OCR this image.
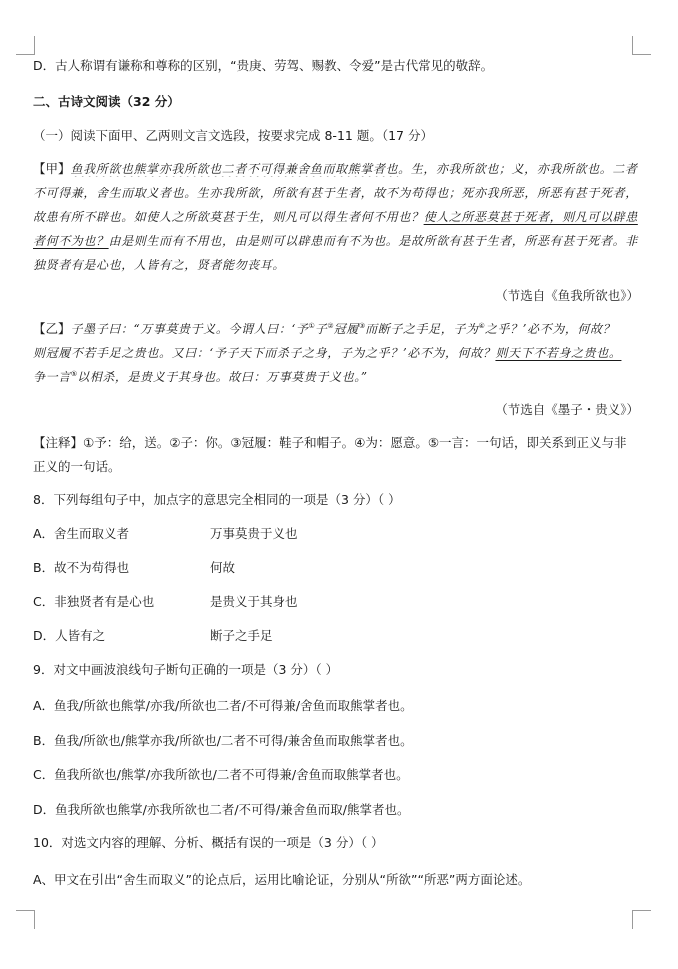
D．古人称谓有谦称和尊称的区别，“贵庚、劳驾、赐教、令爱”是古代常见的敬辞。
二、古诗文阅读（32 分）
（一）阅读下面甲、乙两则文言文选段，按要求完成 8-11 题。（17 分）
【甲】鱼我所欲也熊掌亦我所欲也二者不可得兼舍鱼而取熊掌者也。生，亦我所欲也；义，亦我所欲也。二者
不可得兼，舍生而取义者也。生亦我所欲，所欲有甚于生者，故不为苟得也；死亦我所恶，所恶有甚于死者，
故患有所不辟也。如使人之所欲莫甚于生，则凡可以得生者何不用也？使人之所恶莫甚于死者，则凡可以辟患
者何不为也？由是则生而有不用也，由是则可以辟患而有不为也。是故所欲有甚于生者，所恶有甚于死者。非
独贤者有是心也，人皆有之，贤者能勿丧耳。
（节选自《鱼我所欲也》）
【乙】子墨子曰：“万事莫贵于义。今谓人曰：‘予①子②冠履③而断子之手足，子为④之乎？’必不为，何故？
则冠履不若手足之贵也。又曰：‘予子天下而杀子之身，子为之乎？’必不为，何故？则天下不若身之贵也。
争一言⑤以相杀，是贵义于其身也。故曰：万事莫贵于义也。”
（节选自《墨子・贵义》）
【注释】①予：给，送。②子：你。③冠履：鞋子和帽子。④为：愿意。⑤一言：一句话，即关系到正义与非
正义的一句话。
8．下列每组句子中，加点字的意思完全相同的一项是（3 分）（ ）
A．舍生而取义者	万事莫贵于义也
B．故不为苟得也	何故
C．非独贤者有是心也	是贵义于其身也
D．人皆有之	断子之手足
9．对文中画波浪线句子断句正确的一项是（3 分）（ ）
A．鱼我/所欲也熊掌/亦我/所欲也二者/不可得兼/舍鱼而取熊掌者也。
B．鱼我/所欲也/熊掌亦我/所欲也/二者不可得/兼舍鱼而取熊掌者也。
C．鱼我所欲也/熊掌/亦我所欲也/二者不可得兼/舍鱼而取熊掌者也。
D．鱼我所欲也熊掌/亦我所欲也二者/不可得/兼舍鱼而取/熊掌者也。
10．对选文内容的理解、分析、概括有误的一项是（3 分）（ ）
A、甲文在引出“舍生而取义”的论点后，运用比喻论证，分别从“所欲”“所恶”两方面论述。
